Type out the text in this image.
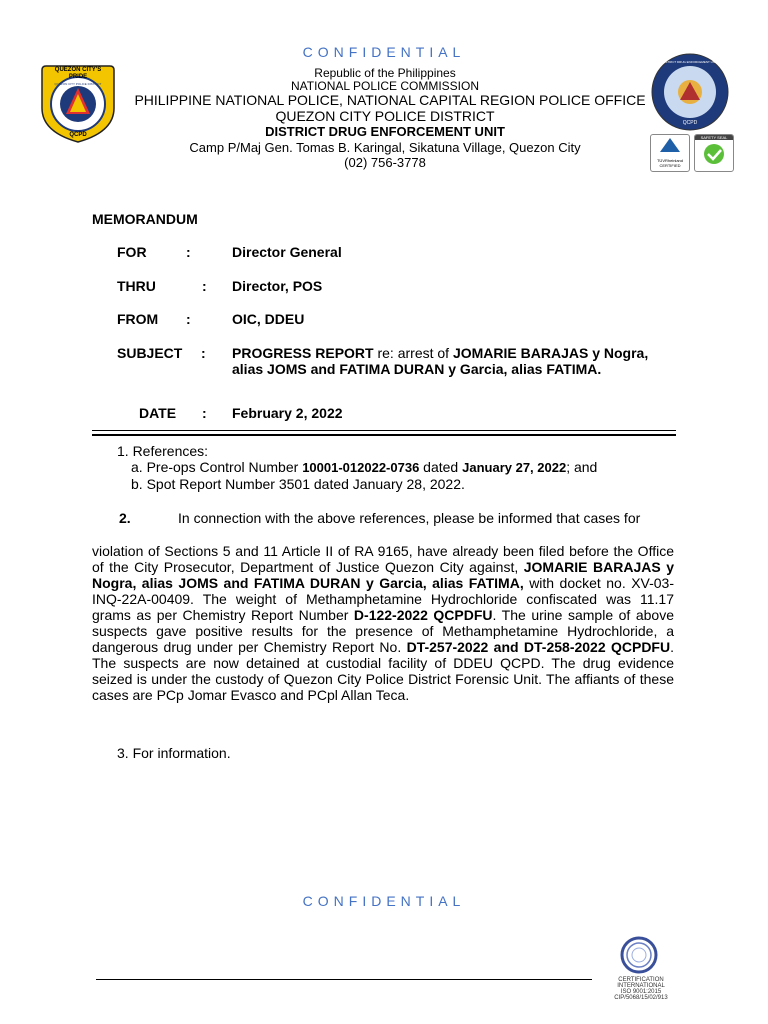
CONFIDENTIAL
QUEZON CITY'S
PRIDE
QUEZON CITY POLICE DISTRICT
1939
QCPD
Republic of the Philippines
NATIONAL POLICE COMMISSION
PHILIPPINE NATIONAL POLICE, NATIONAL CAPITAL REGION POLICE OFFICE
QUEZON CITY POLICE DISTRICT
DISTRICT DRUG ENFORCEMENT UNIT
Camp P/Maj Gen. Tomas B. Karingal, Sikatuna Village, Quezon City
(02) 756-3778
DISTRICT DRUG ENFORCEMENT UNIT
QCPD
TÜVRheinland CERTIFIED
SAFETY SEAL
MEMORANDUM
FOR	:	Director General
THRU	: Director, POS
FROM :	OIC, DDEU
SUBJECT : PROGRESS REPORT re: arrest of JOMARIE BARAJAS y Nogra, alias JOMS and FATIMA DURAN y Garcia, alias FATIMA.
DATE : February 2, 2022
1. References:
a. Pre-ops Control Number 10001-012022-0736 dated January 27, 2022; and
b. Spot Report Number 3501 dated January 28, 2022.
2.	In connection with the above references, please be informed that cases for
violation of Sections 5 and 11 Article II of RA 9165, have already been filed before the Office of the City Prosecutor, Department of Justice Quezon City against, JOMARIE BARAJAS y Nogra, alias JOMS and FATIMA DURAN y Garcia, alias FATIMA, with docket no. XV-03-INQ-22A-00409. The weight of Methamphetamine Hydrochloride confiscated was 11.17 grams as per Chemistry Report Number D-122-2022 QCPDFU. The urine sample of above suspects gave positive results for the presence of Methamphetamine Hydrochloride, a dangerous drug under per Chemistry Report No. DT-257-2022 and DT-258-2022 QCPDFU. The suspects are now detained at custodial facility of DDEU QCPD. The drug evidence seized is under the custody of Quezon City Police District Forensic Unit. The affiants of these cases are PCp Jomar Evasco and PCpl Allan Teca.
3. For information.
CONFIDENTIAL
CERTIFICATION
INTERNATIONAL
ISO 9001:2015
CIP/5068/15/02/913
